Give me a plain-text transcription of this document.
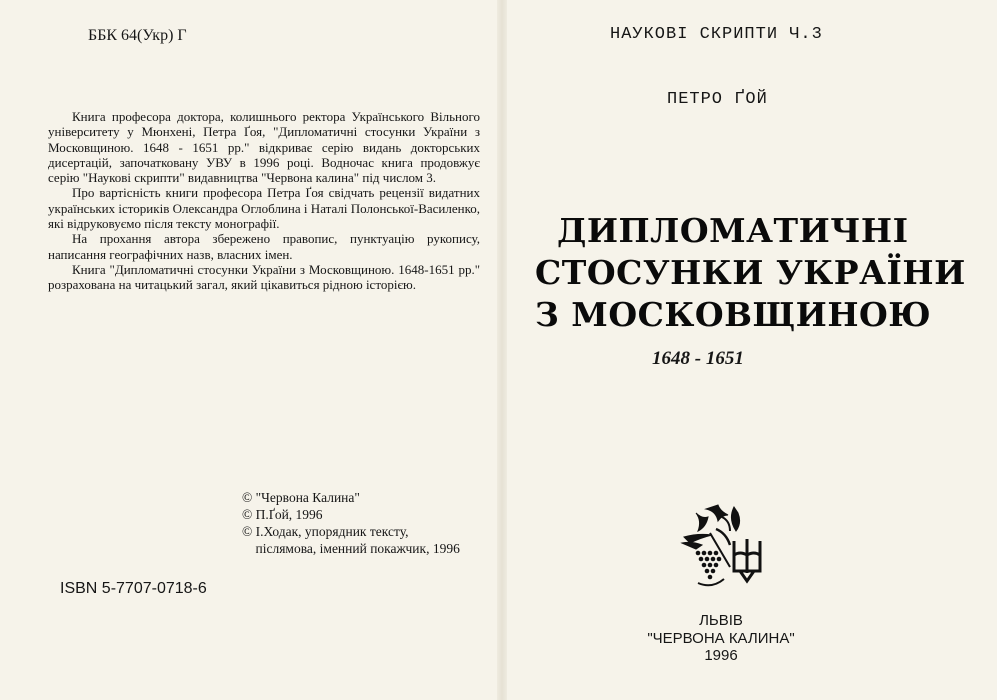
ББК 64(Укр) Г

Книга професора доктора, колишнього ректора Українського Вільного університету у Мюнхені, Петра Ґоя, "Дипломатичні стосунки України з Московщиною. 1648 - 1651 рр." відкриває серію видань докторських дисертацій, започатковану УВУ в 1996 році. Водночас книга продовжує серію "Наукові скрипти" видавництва "Червона калина" під числом 3.

Про вартісність книги професора Петра Ґоя свідчать рецензії видатних українських істориків Олександра Оглоблина і Наталі Полонської-Василенко, які відруковуємо після тексту монографії.

На прохання автора збережено правопис, пунктуацію рукопису, написання географічних назв, власних імен.

Книга "Дипломатичні стосунки України з Московщиною. 1648-1651 рр." розрахована на читацький загал, який цікавиться рідною історією.

© "Червона Калина"
© П.Ґой, 1996
© І.Ходак, упорядник тексту,
післямова, іменний покажчик, 1996
ISBN 5-7707-0718-6
НАУКОВІ СКРИПТИ Ч.3
ПЕТРО ҐОЙ
ДИПЛОМАТИЧНІ
СТОСУНКИ УКРАЇНИ
З МОСКОВЩИНОЮ
1648 - 1651
ЛЬВІВ
"ЧЕРВОНА КАЛИНА"
1996
